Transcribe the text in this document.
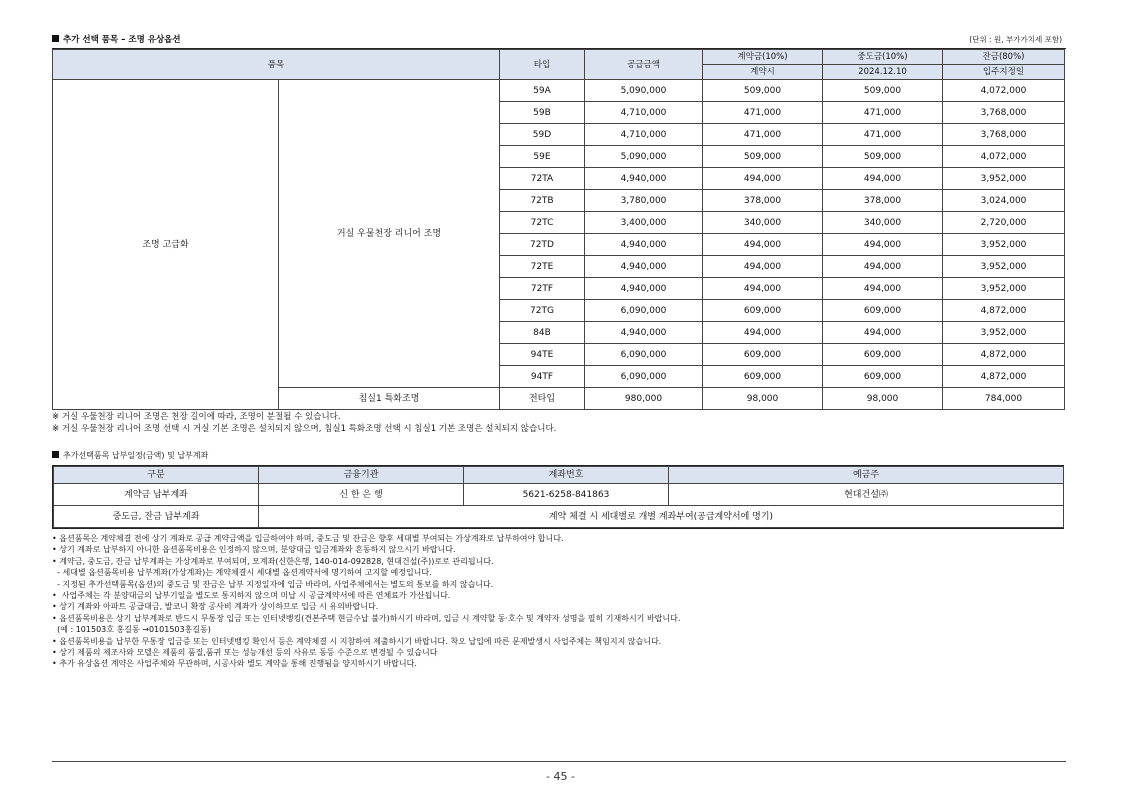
추가 선택 품목 – 조명 유상옵션	(단위 : 원, 부가가치세 포함)
품목		타입	공급금액	계약금(10%)	중도금(10%)	잔금(80%)
				계약시	2024.12.10	입주지정일
조명 고급화	거실 우물천장 리니어 조명	59A	5,090,000	509,000	509,000	4,072,000
		59B	4,710,000	471,000	471,000	3,768,000
		59D	4,710,000	471,000	471,000	3,768,000
		59E	5,090,000	509,000	509,000	4,072,000
		72TA	4,940,000	494,000	494,000	3,952,000
		72TB	3,780,000	378,000	378,000	3,024,000
		72TC	3,400,000	340,000	340,000	2,720,000
		72TD	4,940,000	494,000	494,000	3,952,000
		72TE	4,940,000	494,000	494,000	3,952,000
		72TF	4,940,000	494,000	494,000	3,952,000
		72TG	6,090,000	609,000	609,000	4,872,000
		84B	4,940,000	494,000	494,000	3,952,000
		94TE	6,090,000	609,000	609,000	4,872,000
		94TF	6,090,000	609,000	609,000	4,872,000
	침실1 특화조명	전타입	980,000	98,000	98,000	784,000
※ 거실 우물천장 리니어 조명은 천장 길이에 따라, 조명이 분절될 수 있습니다.
※ 거실 우물천장 리니어 조명 선택 시 거실 기본 조명은 설치되지 않으며, 침실1 특화조명 선택 시 침실1 기본 조명은 설치되지 않습니다.
추가선택품목 납부일정(금액) 및 납부계좌
구분	금융기관	계좌번호	예금주
계약금 납부계좌	신 한 은 행	5621-6258-841863	현대건설㈜
중도금, 잔금 납부계좌	계약 체결 시 세대별로 개별 계좌부여(공급계약서에 명기)		
• 옵션품목은 계약체결 전에 상기 계좌로 공급 계약금액을 입금하여야 하며, 중도금 및 잔금은 향후 세대별 부여되는 가상계좌로 납부하여야 합니다.
• 상기 계좌로 납부하지 아니한 옵션품목비용은 인정하지 않으며, 분양대금 입금계좌와 혼동하지 않으시기 바랍니다.
• 계약금, 중도금, 잔금 납부계좌는 가상계좌로 부여되며, 모계좌(신한은행, 140-014-092828, 현대건설(주))로로 관리됩니다.
- 세대별 옵션품목비용 납부계좌(가상계좌)는 계약체결시 세대별 옵션계약서에 명기하여 고지할 예정입니다.
- 지정된 추가선택품목(옵션)의 중도금 및 잔금은 납부 지정일자에 입금 바라며, 사업주체에서는 별도의 통보를 하지 않습니다.
•  사업주체는 각 분양대금의 납부기일을 별도로 통지하지 않으며 미납 시 공급계약서에 따른 연체료가 가산됩니다.
• 상기 계좌와 아파트 공급대금, 발코니 확장 공사비 계좌가 상이하므로 입금 시 유의바랍니다.
• 옵션품목비용은 상기 납부계좌로 반드시 무통장 입금 또는 인터넷뱅킹(견본주택 현금수납 불가)하시기 바라며, 입금 시 계약할 동·호수 및 계약자 성명을 필히 기재하시기 바랍니다.
(예 : 101503호 홍길동 →0101503홍길동)
• 옵션품목비용을 납부한 무통장 입금증 또는 인터넷뱅킹 확인서 등은 계약체결 시 지참하여 제출하시기 바랍니다. 착오 납입에 따른 문제발생시 사업주체는 책임지지 않습니다.
• 상기 제품의 제조사와 모델은 제품의 품질,품귀 또는 성능개선 등의 사유로 동등 수준으로 변경될 수 있습니다
• 추가 유상옵션 계약은 사업주체와 무관하며, 시공사와 별도 계약을 통해 진행됨을 양지하시기 바랍니다.
- 45 -
